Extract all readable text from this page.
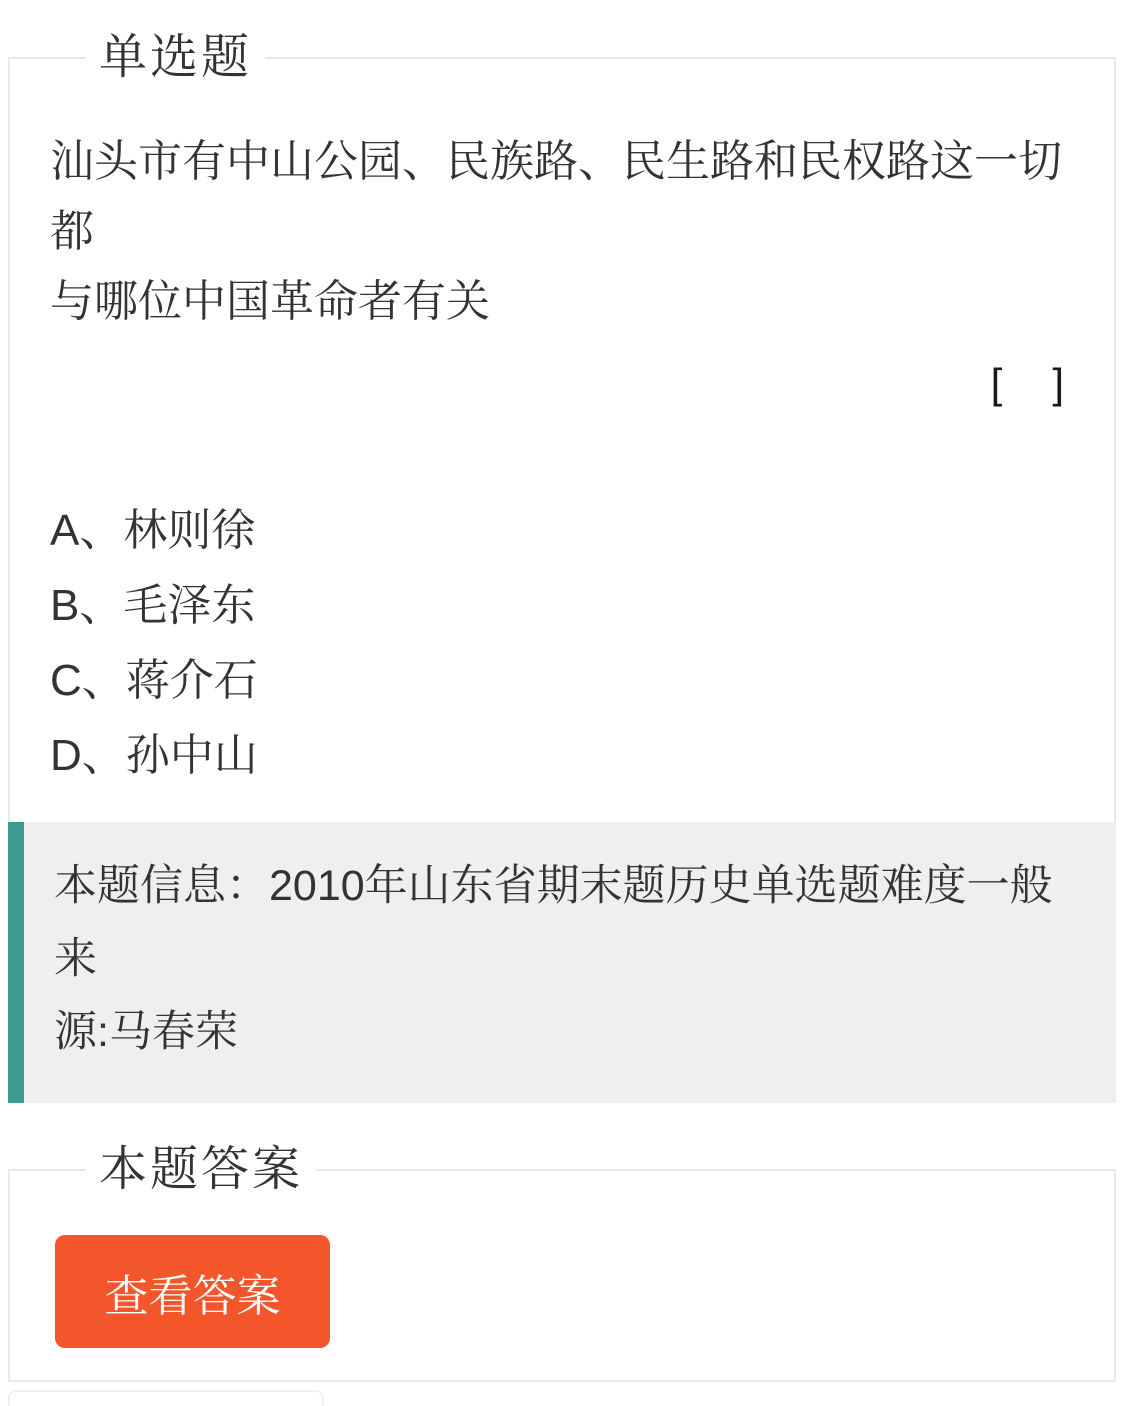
单选题

汕头市有中山公园、民族路、民生路和民权路这一切都

与哪位中国革命者有关

[　]

A、林则徐
B、毛泽东
C、蒋介石
D、孙中山

本题信息：2010年山东省期末题历史单选题难度一般 来

源:马春荣

本题答案
查看答案
